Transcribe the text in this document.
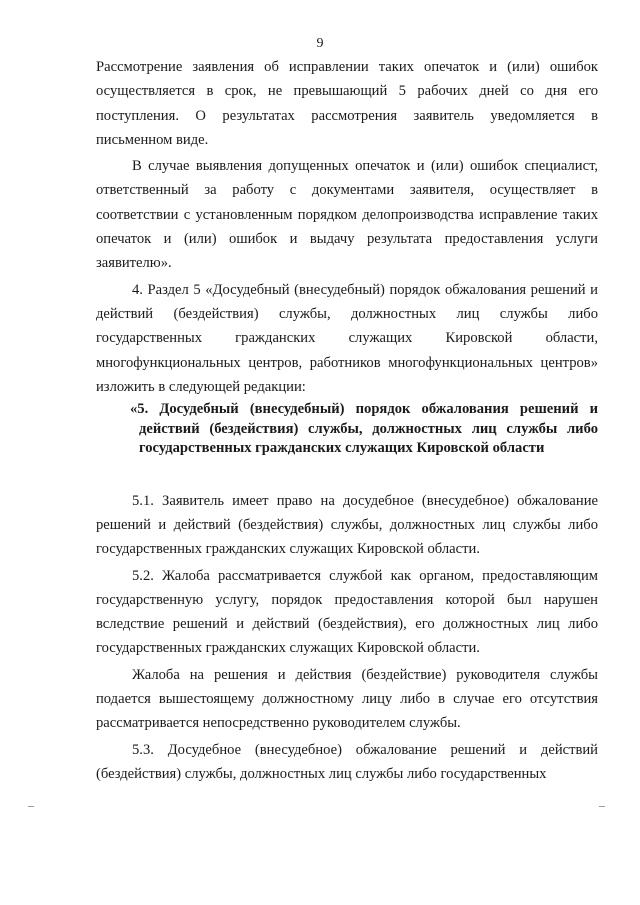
9

Рассмотрение заявления об исправлении таких опечаток и (или) ошибок осуществляется в срок, не превышающий 5 рабочих дней со дня его поступления. О результатах рассмотрения заявитель уведомляется в письменном виде.

В случае выявления допущенных опечаток и (или) ошибок специалист, ответственный за работу с документами заявителя, осуществляет в соответствии с установленным порядком делопроизводства исправление таких опечаток и (или) ошибок и выдачу результата предоставления услуги заявителю».

4. Раздел 5 «Досудебный (внесудебный) порядок обжалования решений и действий (бездействия) службы, должностных лиц службы либо государственных гражданских служащих Кировской области, многофункциональных центров, работников многофункциональных центров» изложить в следующей редакции:

«5. Досудебный (внесудебный) порядок обжалования решений и действий (бездействия) службы, должностных лиц службы либо государственных гражданских служащих Кировской области

5.1. Заявитель имеет право на досудебное (внесудебное) обжалование решений и действий (бездействия) службы, должностных лиц службы либо государственных гражданских служащих Кировской области.

5.2. Жалоба рассматривается службой как органом, предоставляющим государственную услугу, порядок предоставления которой был нарушен вследствие решений и действий (бездействия), его должностных лиц либо государственных гражданских служащих Кировской области.

Жалоба на решения и действия (бездействие) руководителя службы подается вышестоящему должностному лицу либо в случае его отсутствия рассматривается непосредственно руководителем службы.

5.3. Досудебное (внесудебное) обжалование решений и действий (бездействия) службы, должностных лиц службы либо государственных

–	–
